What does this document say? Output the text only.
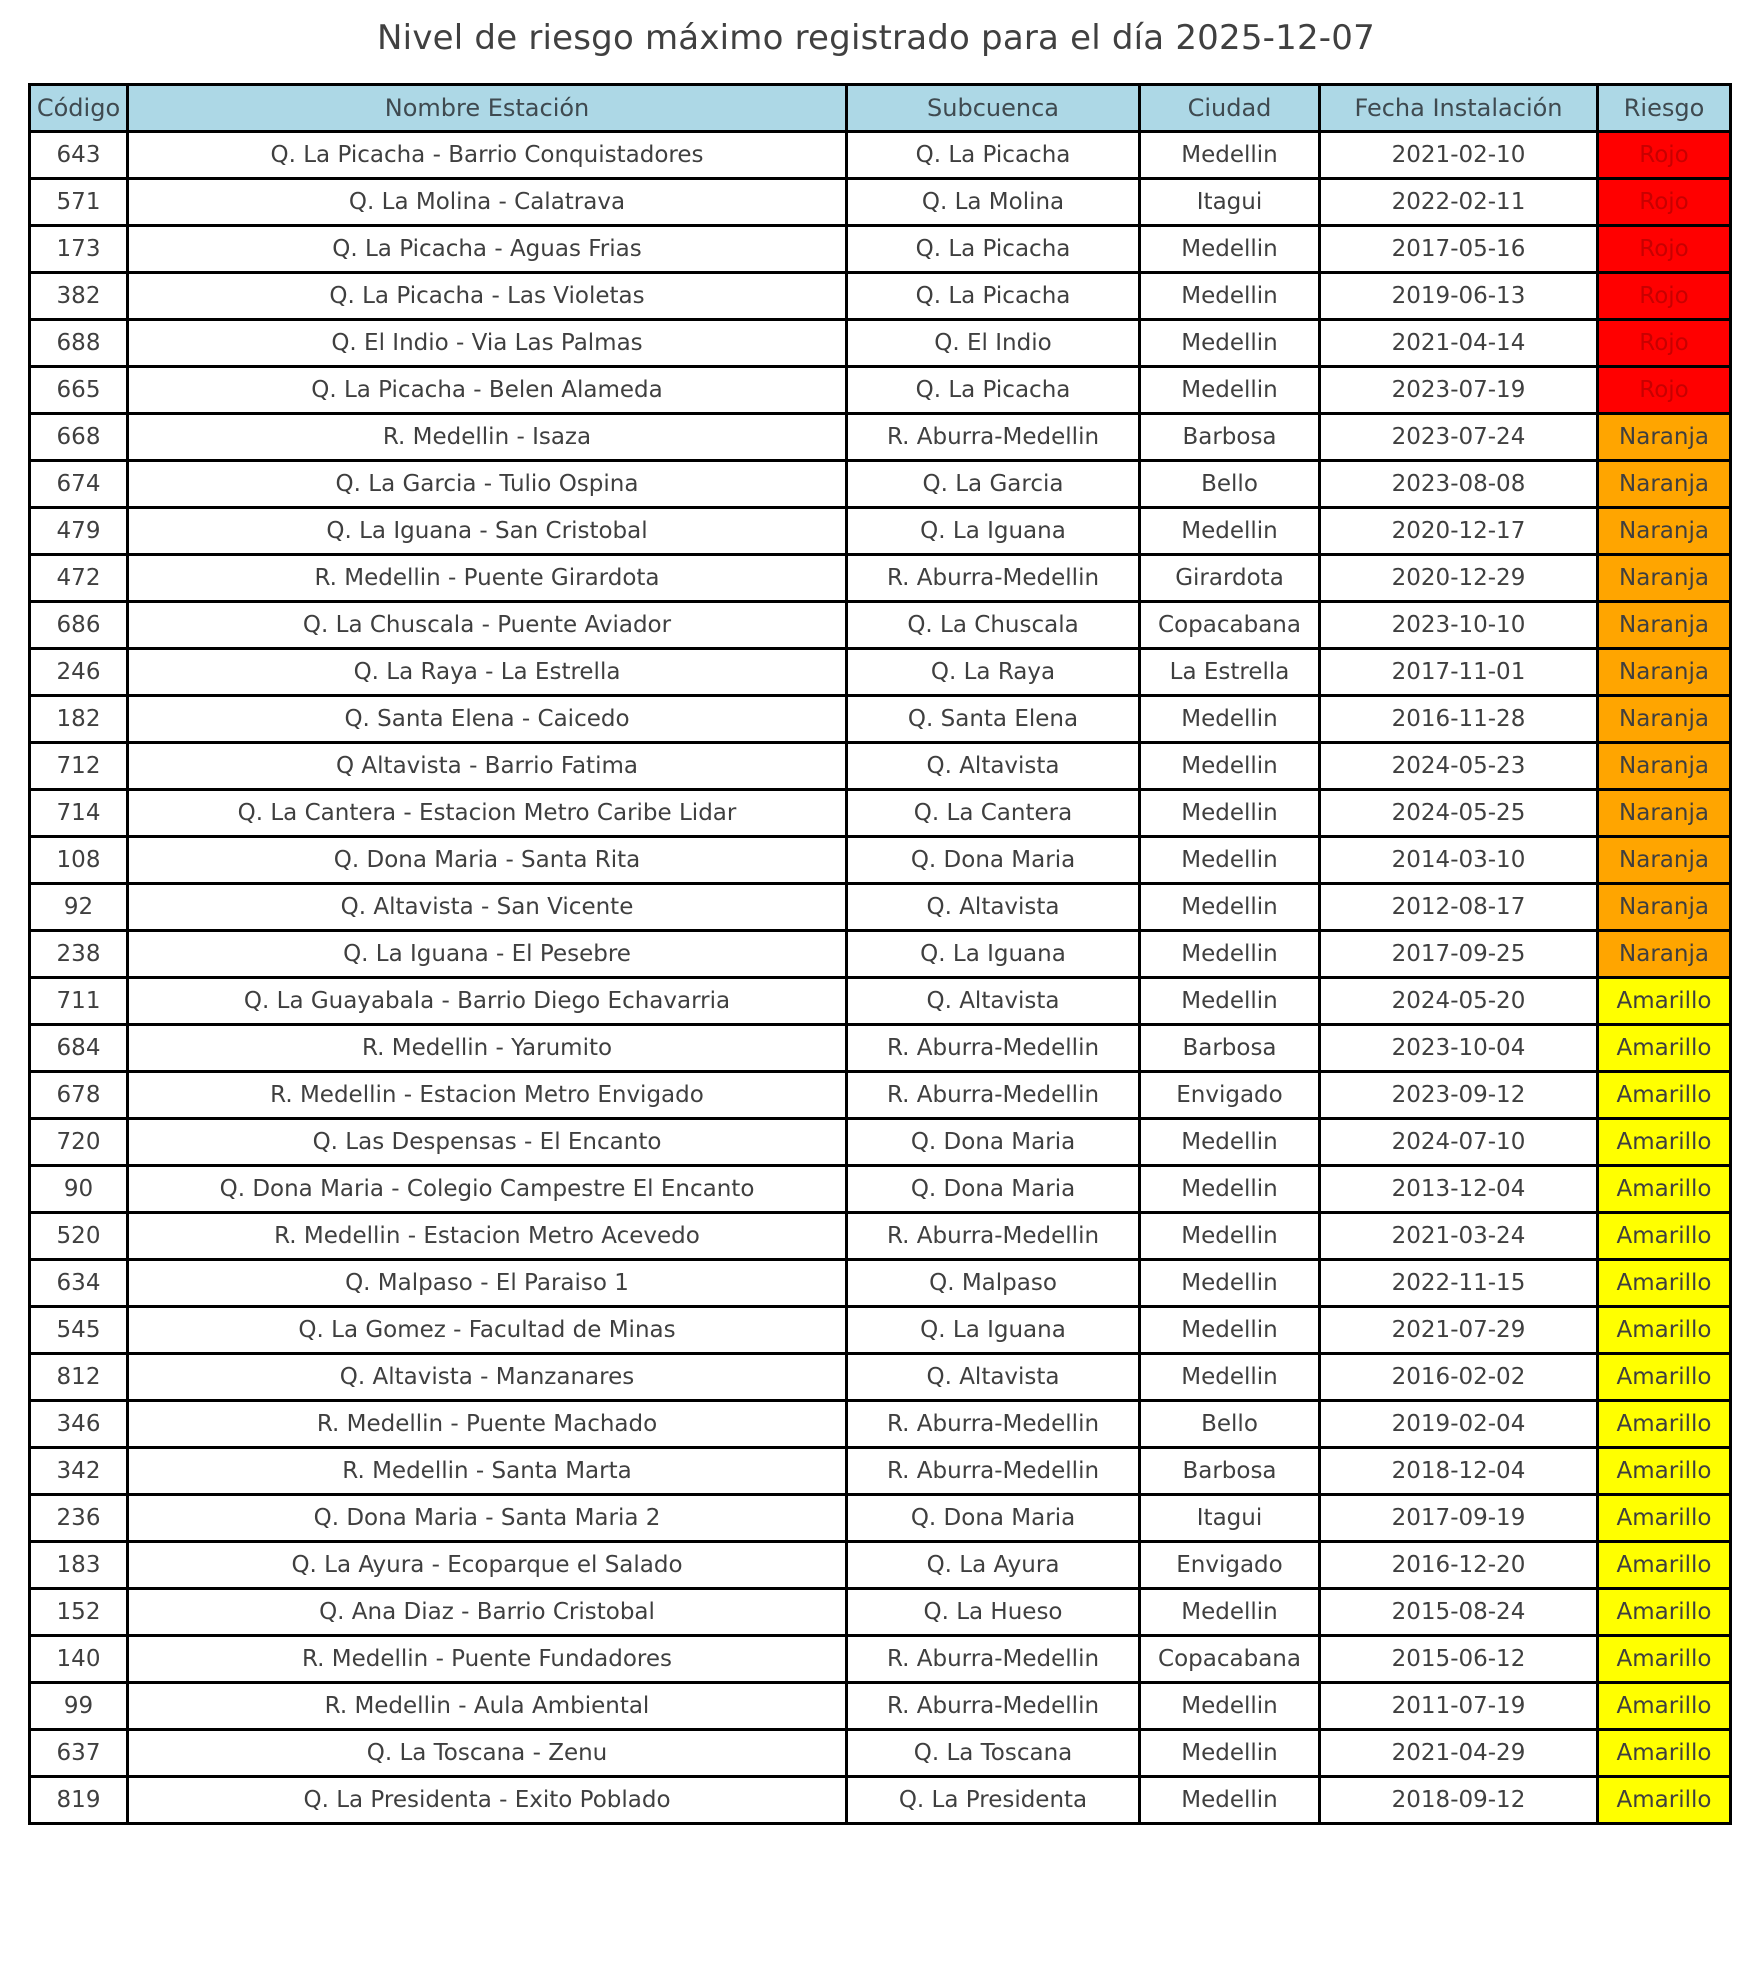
Nivel de riesgo máximo registrado para el día 2025-12-07
Código	Nombre Estación	Subcuenca	Ciudad	Fecha Instalación	Riesgo
643	Q. La Picacha - Barrio Conquistadores	Q. La Picacha	Medellin	2021-02-10	Rojo
571	Q. La Molina - Calatrava	Q. La Molina	Itagui	2022-02-11	Rojo
173	Q. La Picacha - Aguas Frias	Q. La Picacha	Medellin	2017-05-16	Rojo
382	Q. La Picacha - Las Violetas	Q. La Picacha	Medellin	2019-06-13	Rojo
688	Q. El Indio - Via Las Palmas	Q. El Indio	Medellin	2021-04-14	Rojo
665	Q. La Picacha - Belen Alameda	Q. La Picacha	Medellin	2023-07-19	Rojo
668	R. Medellin - Isaza	R. Aburra-Medellin	Barbosa	2023-07-24	Naranja
674	Q. La Garcia - Tulio Ospina	Q. La Garcia	Bello	2023-08-08	Naranja
479	Q. La Iguana - San Cristobal	Q. La Iguana	Medellin	2020-12-17	Naranja
472	R. Medellin - Puente Girardota	R. Aburra-Medellin	Girardota	2020-12-29	Naranja
686	Q. La Chuscala - Puente Aviador	Q. La Chuscala	Copacabana	2023-10-10	Naranja
246	Q. La Raya - La Estrella	Q. La Raya	La Estrella	2017-11-01	Naranja
182	Q. Santa Elena - Caicedo	Q. Santa Elena	Medellin	2016-11-28	Naranja
712	Q Altavista - Barrio Fatima	Q. Altavista	Medellin	2024-05-23	Naranja
714	Q. La Cantera - Estacion Metro Caribe Lidar	Q. La Cantera	Medellin	2024-05-25	Naranja
108	Q. Dona Maria - Santa Rita	Q. Dona Maria	Medellin	2014-03-10	Naranja
92	Q. Altavista - San Vicente	Q. Altavista	Medellin	2012-08-17	Naranja
238	Q. La Iguana - El Pesebre	Q. La Iguana	Medellin	2017-09-25	Naranja
711	Q. La Guayabala - Barrio Diego Echavarria	Q. Altavista	Medellin	2024-05-20	Amarillo
684	R. Medellin - Yarumito	R. Aburra-Medellin	Barbosa	2023-10-04	Amarillo
678	R. Medellin - Estacion Metro Envigado	R. Aburra-Medellin	Envigado	2023-09-12	Amarillo
720	Q. Las Despensas - El Encanto	Q. Dona Maria	Medellin	2024-07-10	Amarillo
90	Q. Dona Maria - Colegio Campestre El Encanto	Q. Dona Maria	Medellin	2013-12-04	Amarillo
520	R. Medellin - Estacion Metro Acevedo	R. Aburra-Medellin	Medellin	2021-03-24	Amarillo
634	Q. Malpaso - El Paraiso 1	Q. Malpaso	Medellin	2022-11-15	Amarillo
545	Q. La Gomez - Facultad de Minas	Q. La Iguana	Medellin	2021-07-29	Amarillo
812	Q. Altavista - Manzanares	Q. Altavista	Medellin	2016-02-02	Amarillo
346	R. Medellin - Puente Machado	R. Aburra-Medellin	Bello	2019-02-04	Amarillo
342	R. Medellin - Santa Marta	R. Aburra-Medellin	Barbosa	2018-12-04	Amarillo
236	Q. Dona Maria - Santa Maria 2	Q. Dona Maria	Itagui	2017-09-19	Amarillo
183	Q. La Ayura - Ecoparque el Salado	Q. La Ayura	Envigado	2016-12-20	Amarillo
152	Q. Ana Diaz - Barrio Cristobal	Q. La Hueso	Medellin	2015-08-24	Amarillo
140	R. Medellin - Puente Fundadores	R. Aburra-Medellin	Copacabana	2015-06-12	Amarillo
99	R. Medellin - Aula Ambiental	R. Aburra-Medellin	Medellin	2011-07-19	Amarillo
637	Q. La Toscana - Zenu	Q. La Toscana	Medellin	2021-04-29	Amarillo
819	Q. La Presidenta - Exito Poblado	Q. La Presidenta	Medellin	2018-09-12	Amarillo
